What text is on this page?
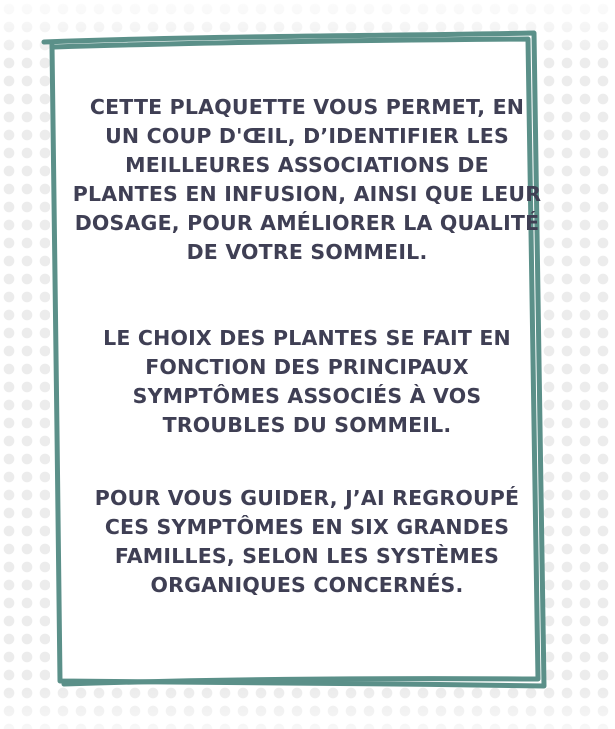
CETTE PLAQUETTE VOUS PERMET, EN UN COUP D'ŒIL, D’IDENTIFIER LES MEILLEURES ASSOCIATIONS DE PLANTES EN INFUSION, AINSI QUE LEUR DOSAGE, POUR AMÉLIORER LA QUALITÉ DE VOTRE SOMMEIL.

LE CHOIX DES PLANTES SE FAIT EN FONCTION DES PRINCIPAUX SYMPTÔMES ASSOCIÉS À VOS TROUBLES DU SOMMEIL.

POUR VOUS GUIDER, J’AI REGROUPÉ CES SYMPTÔMES EN SIX GRANDES FAMILLES, SELON LES SYSTÈMES ORGANIQUES CONCERNÉS.
